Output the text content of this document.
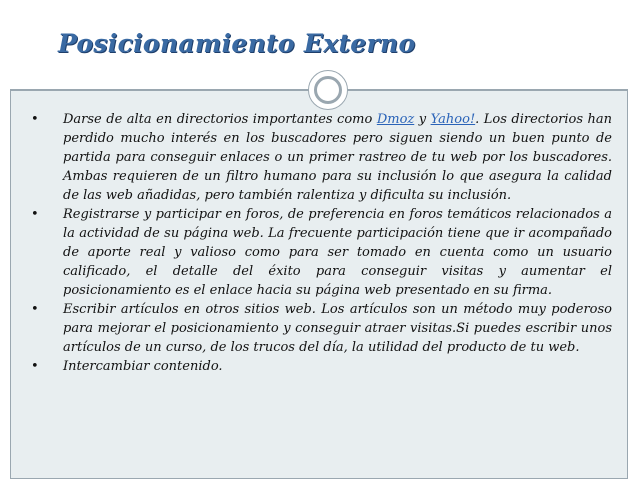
Posicionamiento Externo
• Darse de alta en directorios importantes como Dmoz y Yahoo!. Los directorios han perdido mucho interés en los buscadores pero siguen siendo un buen punto de partida para conseguir enlaces o un primer rastreo de tu web por los buscadores. Ambas requieren de un filtro humano para su inclusión lo que asegura la calidad de las web añadidas, pero también ralentiza y dificulta su inclusión.
• Registrarse y participar en foros, de preferencia en foros temáticos relacionados a la actividad de su página web. La frecuente participación tiene que ir acompañado de aporte real y valioso como para ser tomado en cuenta como un usuario calificado, el detalle del éxito para conseguir visitas y aumentar el posicionamiento es el enlace hacia su página web presentado en su firma.
• Escribir artículos en otros sitios web. Los artículos son un método muy poderoso para mejorar el posicionamiento y conseguir atraer visitas.Si puedes escribir unos artículos de un curso, de los trucos del día, la utilidad del producto de tu web.
• Intercambiar contenido.
